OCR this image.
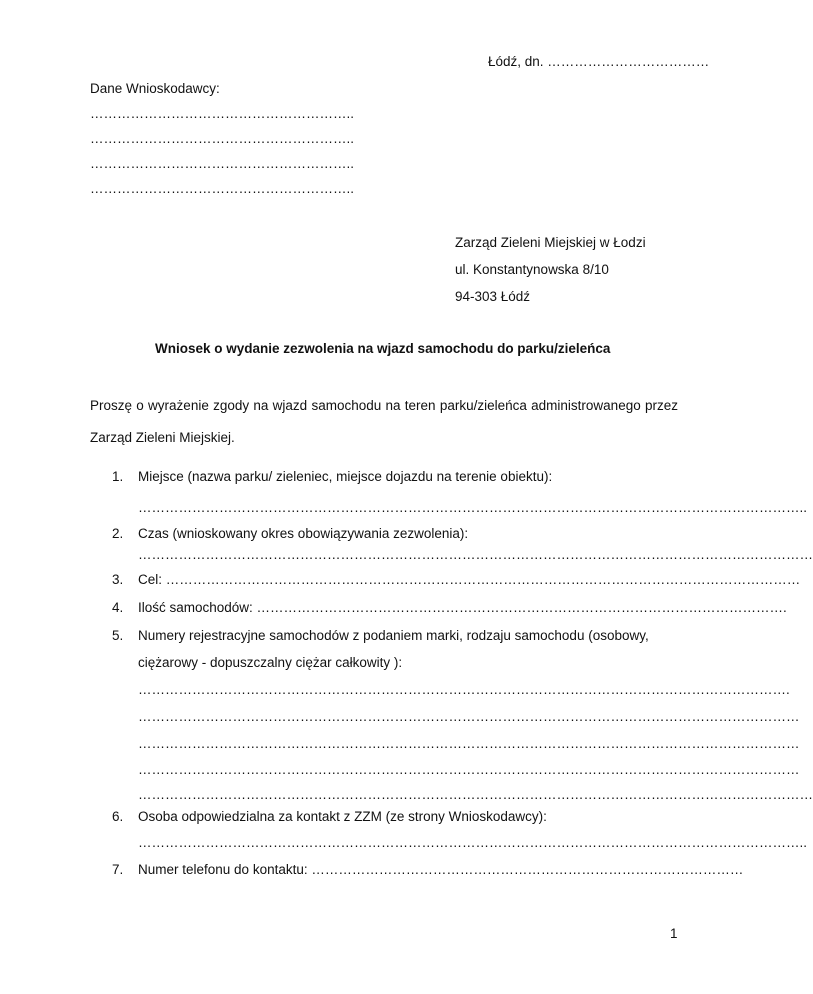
Łódź, dn. ………………………………
Dane Wnioskodawcy:
…………………………………………………..
…………………………………………………..
…………………………………………………..
…………………………………………………..
Zarząd Zieleni Miejskiej w Łodzi
ul. Konstantynowska 8/10
94-303 Łódź
Wniosek o wydanie zezwolenia na wjazd samochodu do parku/zieleńca
Proszę o wyrażenie zgody na wjazd samochodu na teren parku/zieleńca administrowanego przez Zarząd Zieleni Miejskiej.
1. Miejsce (nazwa parku/ zieleniec, miejsce dojazdu na terenie obiektu):
…………………………………………………………………………………………………………………………………..
2. Czas (wnioskowany okres obowiązywania zezwolenia):
……………………………………………………………………………………………………………………………………
3. Cel: ……………………………………………………………………………………………………………………………
4. Ilość samochodów: ……………………………………………………………………………………………………….
5. Numery rejestracyjne samochodów z podaniem marki, rodzaju samochodu (osobowy,
ciężarowy - dopuszczalny ciężar całkowity ):
……………………………………………………………………………………………………………………………….
…………………………………………………………………………………………………………………………………
…………………………………………………………………………………………………………………………………
…………………………………………………………………………………………………………………………………
……………………………………………………………………………………………………………………………………
6. Osoba odpowiedzialna za kontakt z ZZM (ze strony Wnioskodawcy):
…………………………………………………………………………………………………………………………………..
7. Numer telefonu do kontaktu: ……………………………………………………………………………………
1
